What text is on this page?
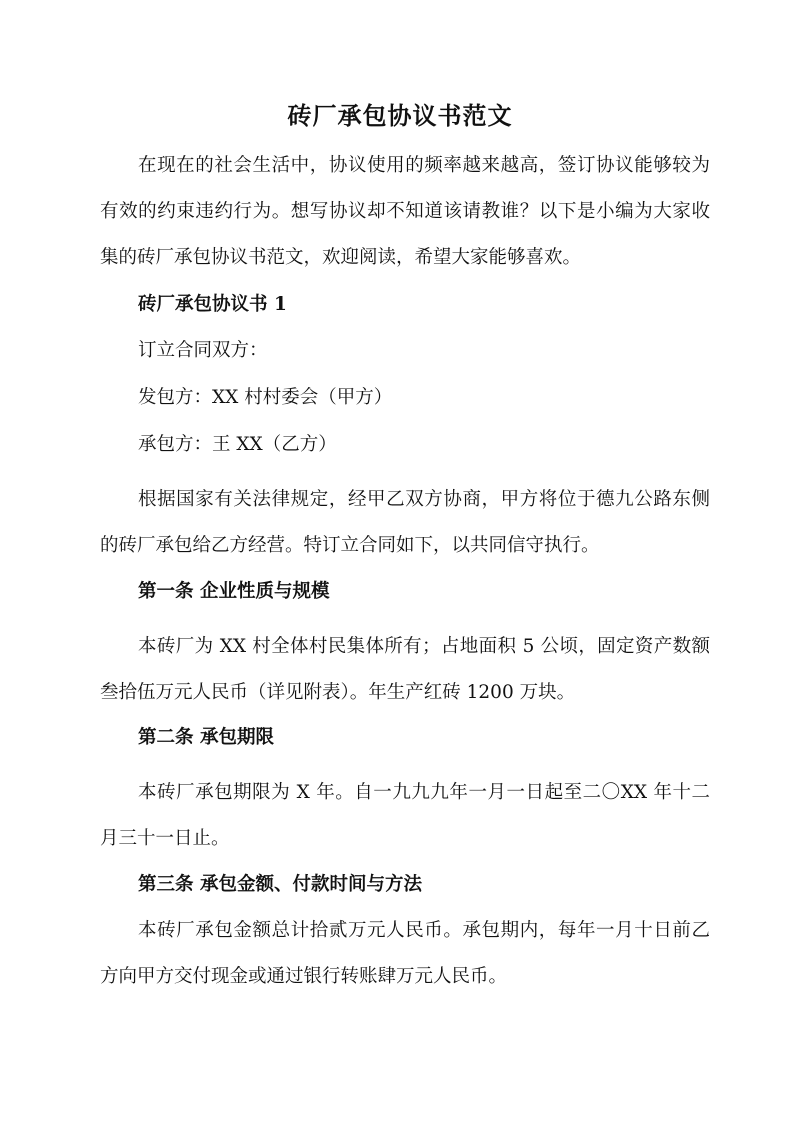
砖厂承包协议书范文
在现在的社会生活中，协议使用的频率越来越高，签订协议能够较为有效的约束违约行为。想写协议却不知道该请教谁？以下是小编为大家收集的砖厂承包协议书范文，欢迎阅读，希望大家能够喜欢。
砖厂承包协议书 1
订立合同双方：
发包方：XX 村村委会（甲方）
承包方：王 XX（乙方）
根据国家有关法律规定，经甲乙双方协商，甲方将位于德九公路东侧的砖厂承包给乙方经营。特订立合同如下，以共同信守执行。
第一条 企业性质与规模
本砖厂为 XX 村全体村民集体所有；占地面积 5 公顷，固定资产数额叁拾伍万元人民币（详见附表）。年生产红砖 1200 万块。
第二条 承包期限
本砖厂承包期限为 X 年。自一九九九年一月一日起至二〇XX 年十二月三十一日止。
第三条 承包金额、付款时间与方法
本砖厂承包金额总计拾贰万元人民币。承包期内，每年一月十日前乙方向甲方交付现金或通过银行转账肆万元人民币。
